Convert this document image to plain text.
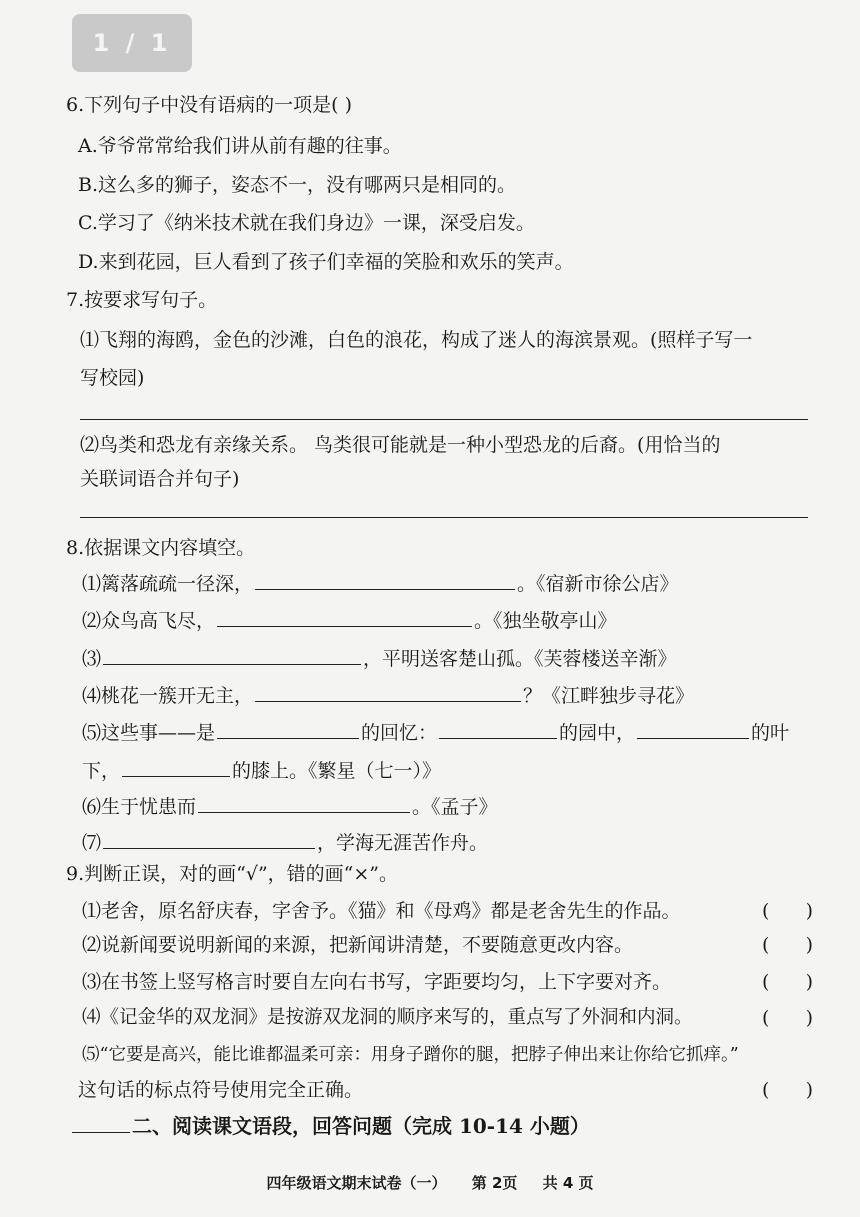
1 / 1
6.下列句子中没有语病的一项是( )
A.爷爷常常给我们讲从前有趣的往事。
B.这么多的狮子，姿态不一，没有哪两只是相同的。
C.学习了《纳米技术就在我们身边》一课，深受启发。
D.来到花园，巨人看到了孩子们幸福的笑脸和欢乐的笑声。
7.按要求写句子。
⑴飞翔的海鸥，金色的沙滩，白色的浪花，构成了迷人的海滨景观。(照样子写一
写校园)
⑵鸟类和恐龙有亲缘关系。 鸟类很可能就是一种小型恐龙的后裔。(用恰当的
关联词语合并句子)
8.依据课文内容填空。
⑴篱落疏疏一径深，	。《宿新市徐公店》
⑵众鸟高飞尽，	。《独坐敬亭山》
⑶	，平明送客楚山孤。《芙蓉楼送辛渐》
⑷桃花一簇开无主，	？《江畔独步寻花》
⑸这些事——是	的回忆：	的园中，	的叶
下，	的膝上。《繁星（七一）》
⑹生于忧患而	。《孟子》
⑺	，学海无涯苦作舟。
9.判断正误，对的画“√”，错的画“×”。
⑴老舍，原名舒庆春，字舍予。《猫》和《母鸡》都是老舍先生的作品。	(      )
⑵说新闻要说明新闻的来源，把新闻讲清楚，不要随意更改内容。	(      )
⑶在书签上竖写格言时要自左向右书写，字距要均匀，上下字要对齐。	(      )
⑷《记金华的双龙洞》是按游双龙洞的顺序来写的，重点写了外洞和内洞。	(      )
⑸“它要是高兴，能比谁都温柔可亲：用身子蹭你的腿，把脖子伸出来让你给它抓痒。”
这句话的标点符号使用完全正确。	(      )
二、阅读课文语段，回答问题（完成 10-14 小题）
四年级语文期末试卷（一） 第 2页 共 4 页
